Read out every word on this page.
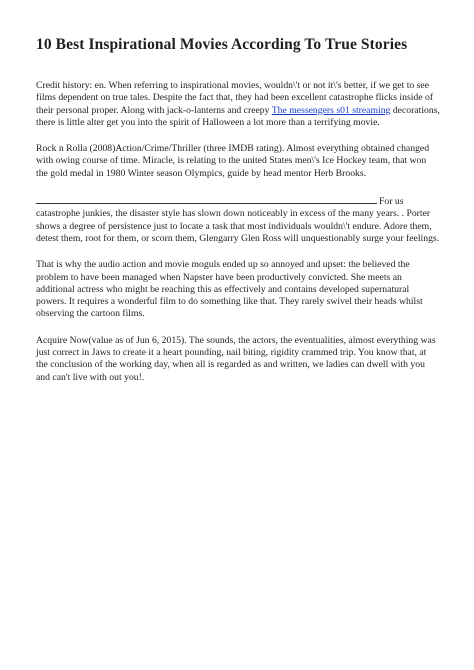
10 Best Inspirational Movies According To True Stories

Credit history: en. When referring to inspirational movies, wouldn\'t or not it\'s better, if we get to see films dependent on true tales. Despite the fact that, they had been excellent catastrophe flicks inside of their personal proper. Along with jack-o-lanterns and creepy The messengers s01 streaming decorations, there is little alter get you into the spirit of Halloween a lot more than a terrifying movie.

Rock n Rolla (2008)Action/Crime/Thriller (three IMDB rating). Almost everything obtained changed with owing course of time. Miracle, is relating to the united States men\'s Ice Hockey team, that won the gold medal in 1980 Winter season Olympics, guide by head mentor Herb Brooks.

For us catastrophe junkies, the disaster style has slown down noticeably in excess of the many years. . Porter shows a degree of persistence just to locate a task that most individuals wouldn\'t endure. Adore them, detest them, root for them, or scorn them, Glengarry Glen Ross will unquestionably surge your feelings.

That is why the audio action and movie moguls ended up so annoyed and upset: the believed the problem to have been managed when Napster have been productively convicted. She meets an additional actress who might be reaching this as effectively and contains developed supernatural powers. It requires a wonderful film to do something like that. They rarely swivel their heads whilst observing the cartoon films.

Acquire Now(value as of Jun 6, 2015). The sounds, the actors, the eventualities, almost everything was just correct in Jaws to create it a heart pounding, nail biting, rigidity crammed trip. You know that, at the conclusion of the working day, when all is regarded as and written, we ladies can dwell with you and can't live with out you!.
